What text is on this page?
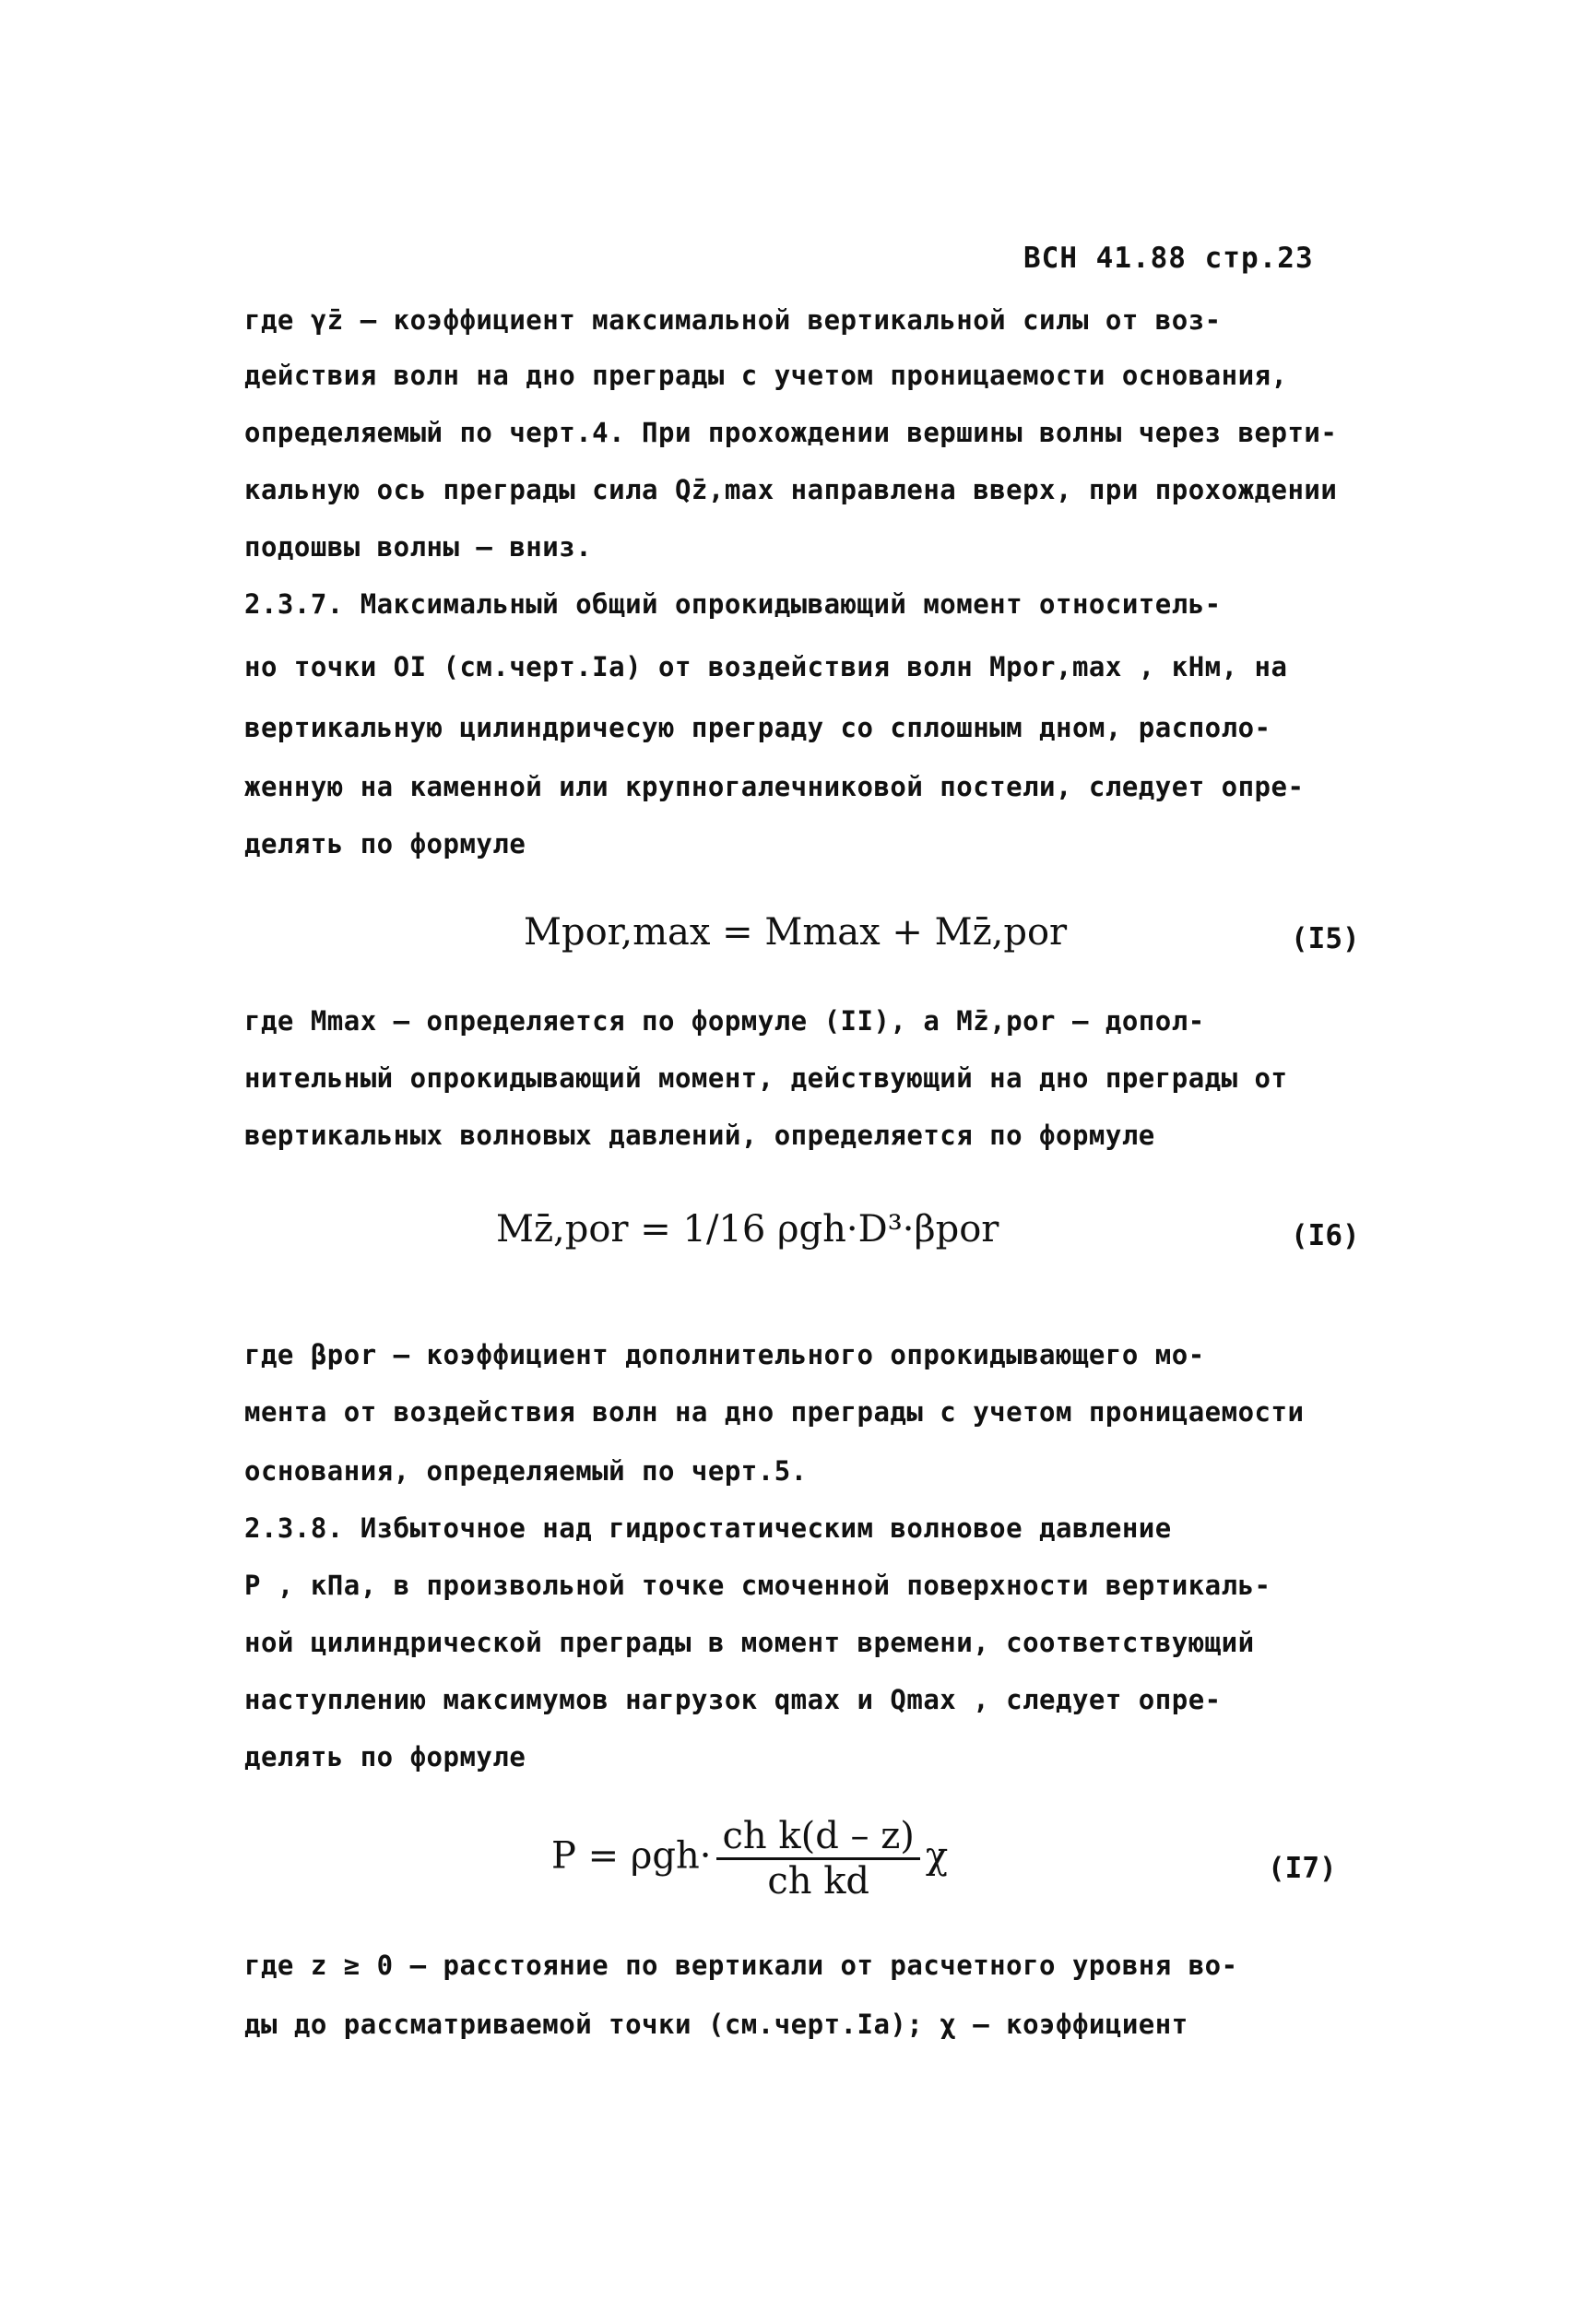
ВСН 41.88 стр.23
где γz̄ – коэффициент максимальной вертикальной силы от воз-
действия волн на дно преграды с учетом проницаемости основания,
определяемый по черт.4. При прохождении вершины волны через верти-
кальную ось преграды сила Qz̄,max направлена вверх, при прохождении
подошвы волны – вниз.
2.3.7. Максимальный общий опрокидывающий момент относитель-
но точки OI (см.черт.Iа) от воздействия волн Mpor,max , кНм, на
вертикальную цилиндричесую преграду со сплошным дном, располо-
женную на каменной или крупногалечниковой постели, следует опре-
делять по формуле
Mpor,max = Mmax + Mz̄,por	(I5)
где Mmax – определяется по формуле (II), а Mz̄,por – допол-
нительный опрокидывающий момент, действующий на дно преграды от
вертикальных волновых давлений, определяется по формуле
Mz̄,por = 1/16 ρgh·D³·βpor	(I6)
где βpor – коэффициент дополнительного опрокидывающего мо-
мента от воздействия волн на дно преграды с учетом проницаемости
основания, определяемый по черт.5.
2.3.8. Избыточное над гидростатическим волновое давление
P , кПа, в произвольной точке смоченной поверхности вертикаль-
ной цилиндрической преграды в момент времени, соответствующий
наступлению максимумов нагрузок qmax и Qmax , следует опре-
делять по формуле
$P = \rho gh\cdot \frac{\text{ch k(d – z)}}{\text{ch kd}}$ χ	(I7)
где z ≥ 0 – расстояние по вертикали от расчетного уровня во-
ды до рассматриваемой точки (см.черт.Iа); χ – коэффициент
